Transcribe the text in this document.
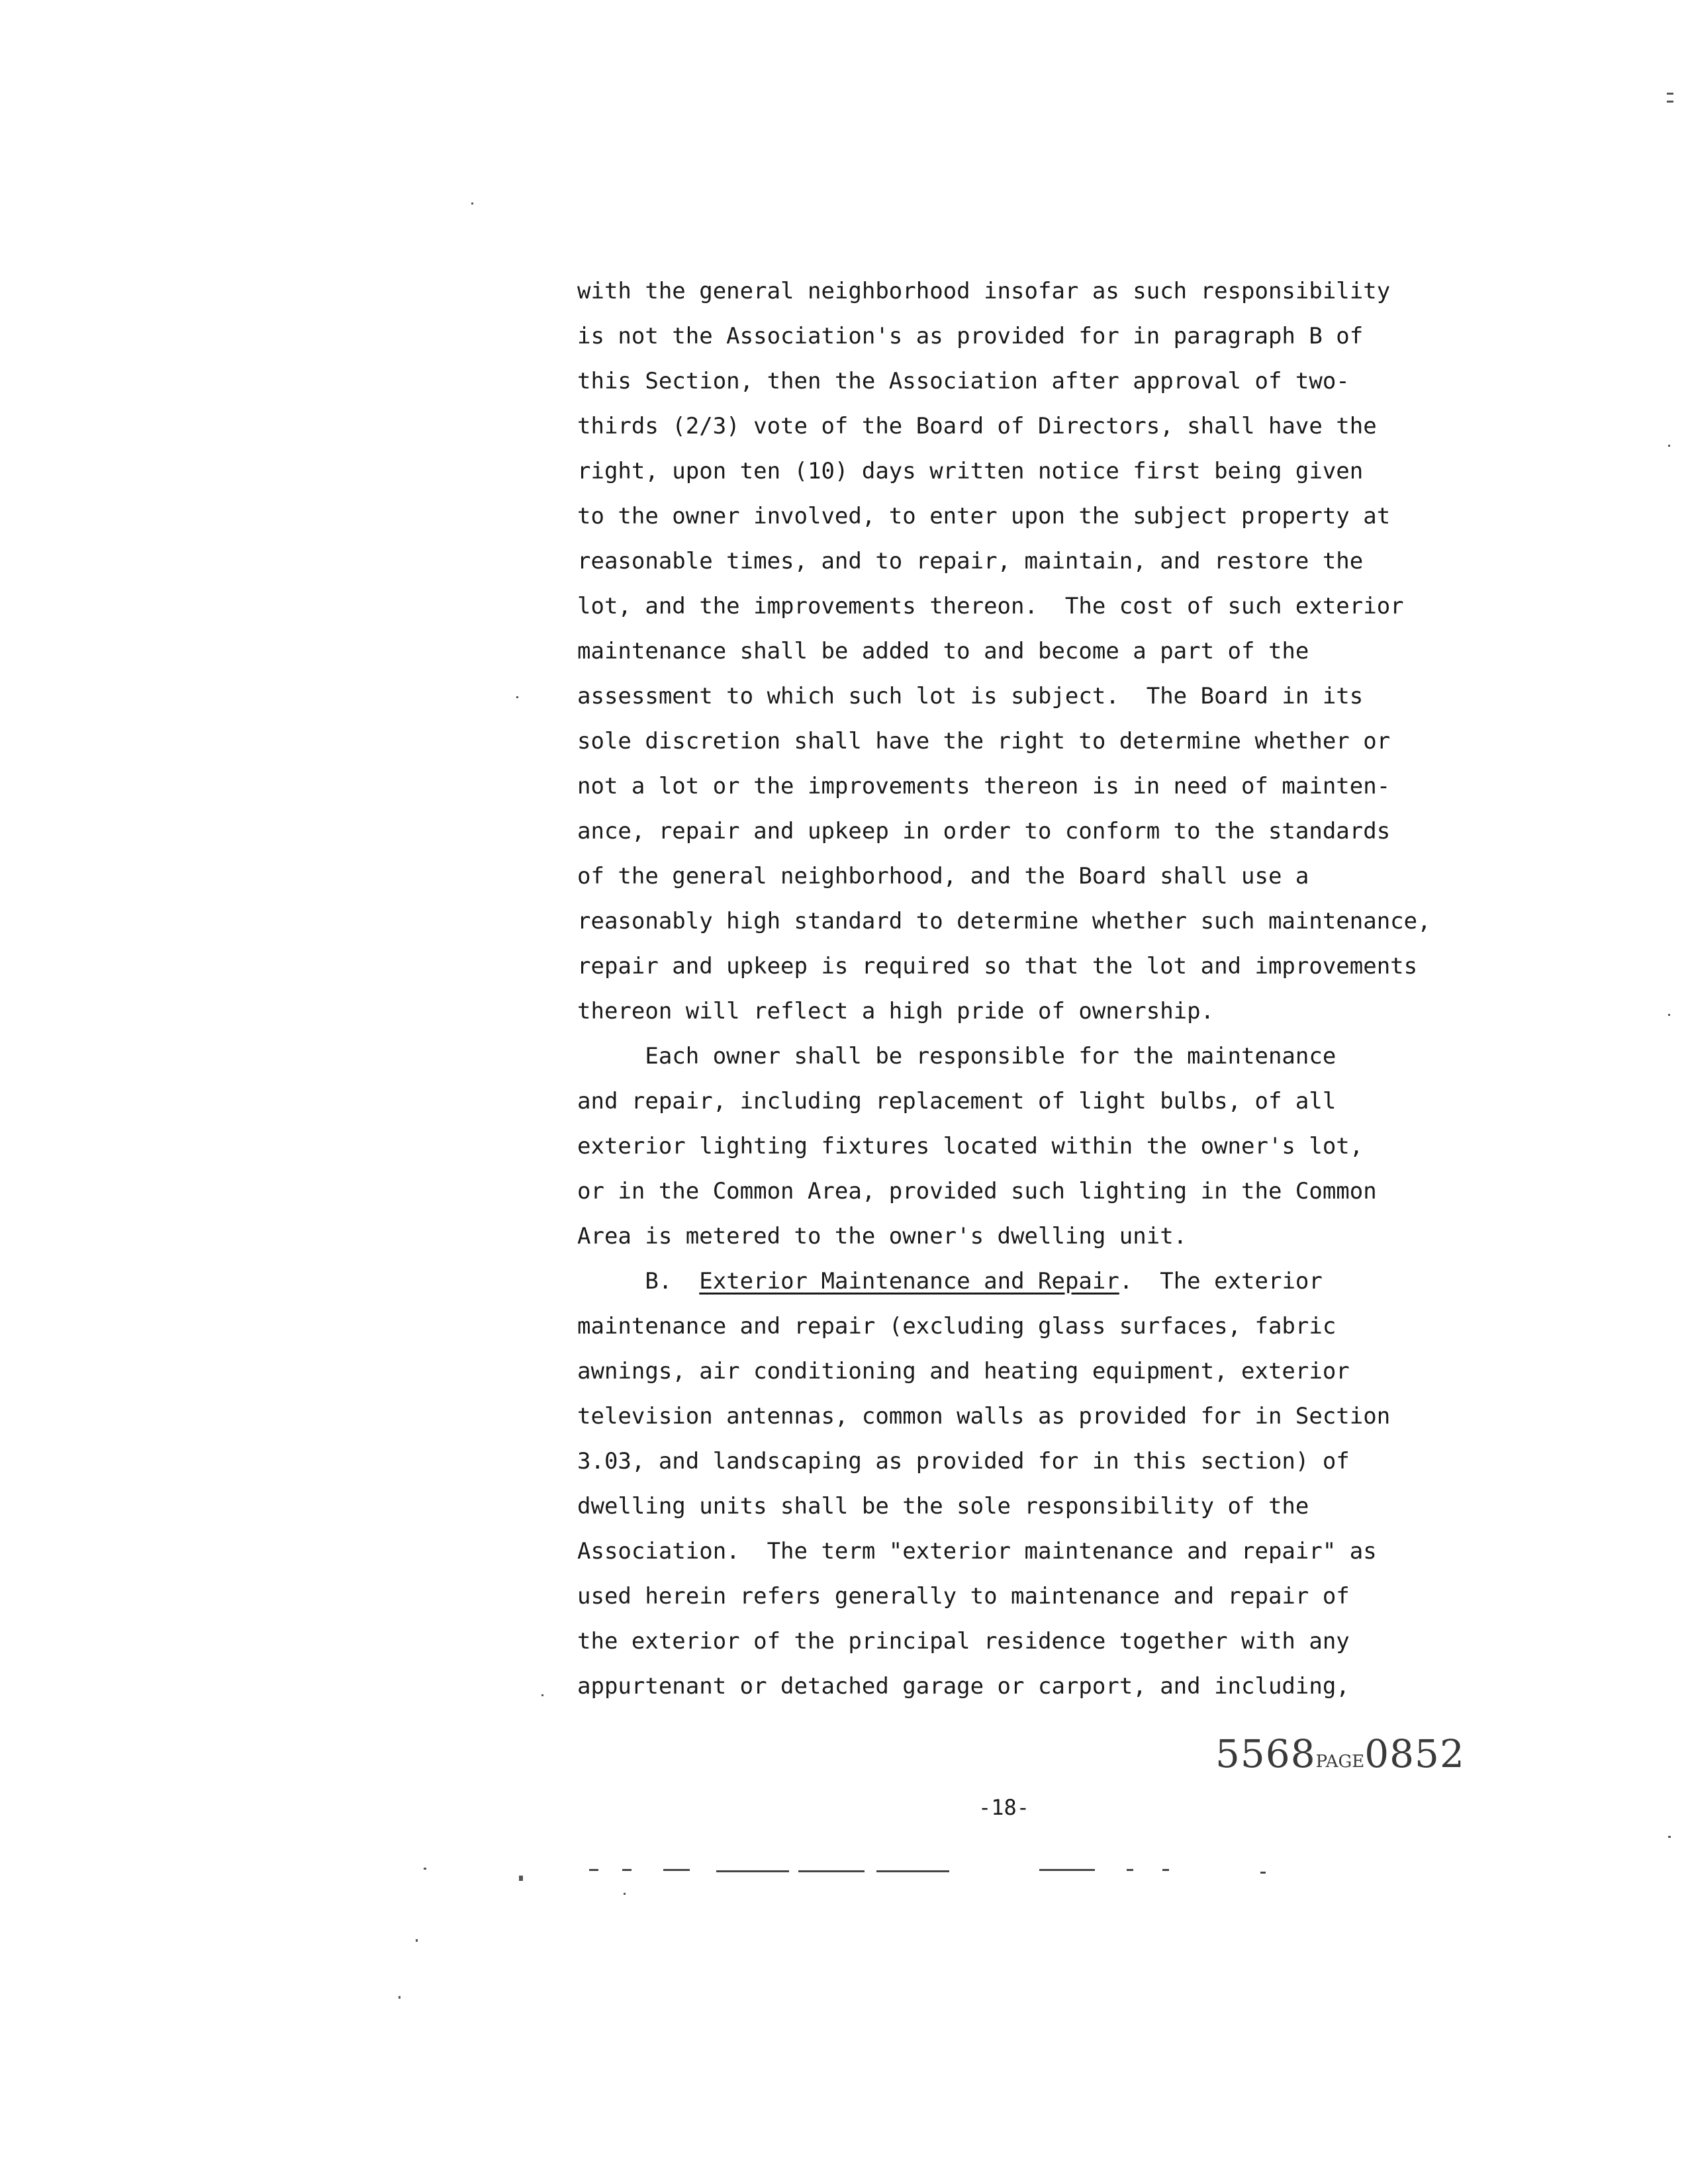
with the general neighborhood insofar as such responsibility
is not the Association's as provided for in paragraph B of
this Section, then the Association after approval of two-
thirds (2/3) vote of the Board of Directors, shall have the
right, upon ten (10) days written notice first being given
to the owner involved, to enter upon the subject property at
reasonable times, and to repair, maintain, and restore the
lot, and the improvements thereon.  The cost of such exterior
maintenance shall be added to and become a part of the
assessment to which such lot is subject.  The Board in its
sole discretion shall have the right to determine whether or
not a lot or the improvements thereon is in need of mainten-
ance, repair and upkeep in order to conform to the standards
of the general neighborhood, and the Board shall use a
reasonably high standard to determine whether such maintenance,
repair and upkeep is required so that the lot and improvements
thereon will reflect a high pride of ownership.
Each owner shall be responsible for the maintenance
and repair, including replacement of light bulbs, of all
exterior lighting fixtures located within the owner's lot,
or in the Common Area, provided such lighting in the Common
Area is metered to the owner's dwelling unit.
B. Exterior Maintenance and Repair.  The exterior
maintenance and repair (excluding glass surfaces, fabric
awnings, air conditioning and heating equipment, exterior
television antennas, common walls as provided for in Section
3.03, and landscaping as provided for in this section) of
dwelling units shall be the sole responsibility of the
Association.  The term "exterior maintenance and repair" as
used herein refers generally to maintenance and repair of
the exterior of the principal residence together with any
appurtenant or detached garage or carport, and including,
5568PAGE0852
-18-
